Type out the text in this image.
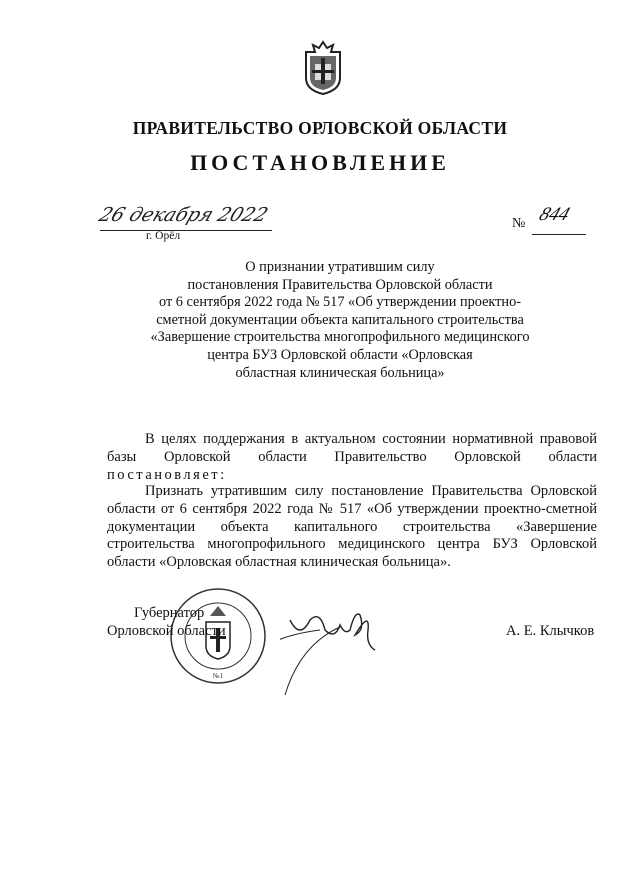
ПРАВИТЕЛЬСТВО ОРЛОВСКОЙ ОБЛАСТИ
ПОСТАНОВЛЕНИЕ
26 декабря 2022
г. Орёл
№ 844
О признании утратившим силу
постановления Правительства Орловской области
от 6 сентября 2022 года № 517 «Об утверждении проектно-
сметной документации объекта капитального строительства
«Завершение строительства многопрофильного медицинского
центра БУЗ Орловской области «Орловская
областная клиническая больница»
В целях поддержания в актуальном состоянии нормативной правовой
базы Орловской области Правительство Орловской области
постановляет:
Признать утратившим силу постановление Правительства Орловской
области от 6 сентября 2022 года № 517 «Об утверждении проектно-сметной
документации объекта капитального строительства «Завершение
строительства многопрофильного медицинского центра БУЗ Орловской
области «Орловская областная клиническая больница».
№1
Губернатор
Орловской области	А. Е. Клычков
